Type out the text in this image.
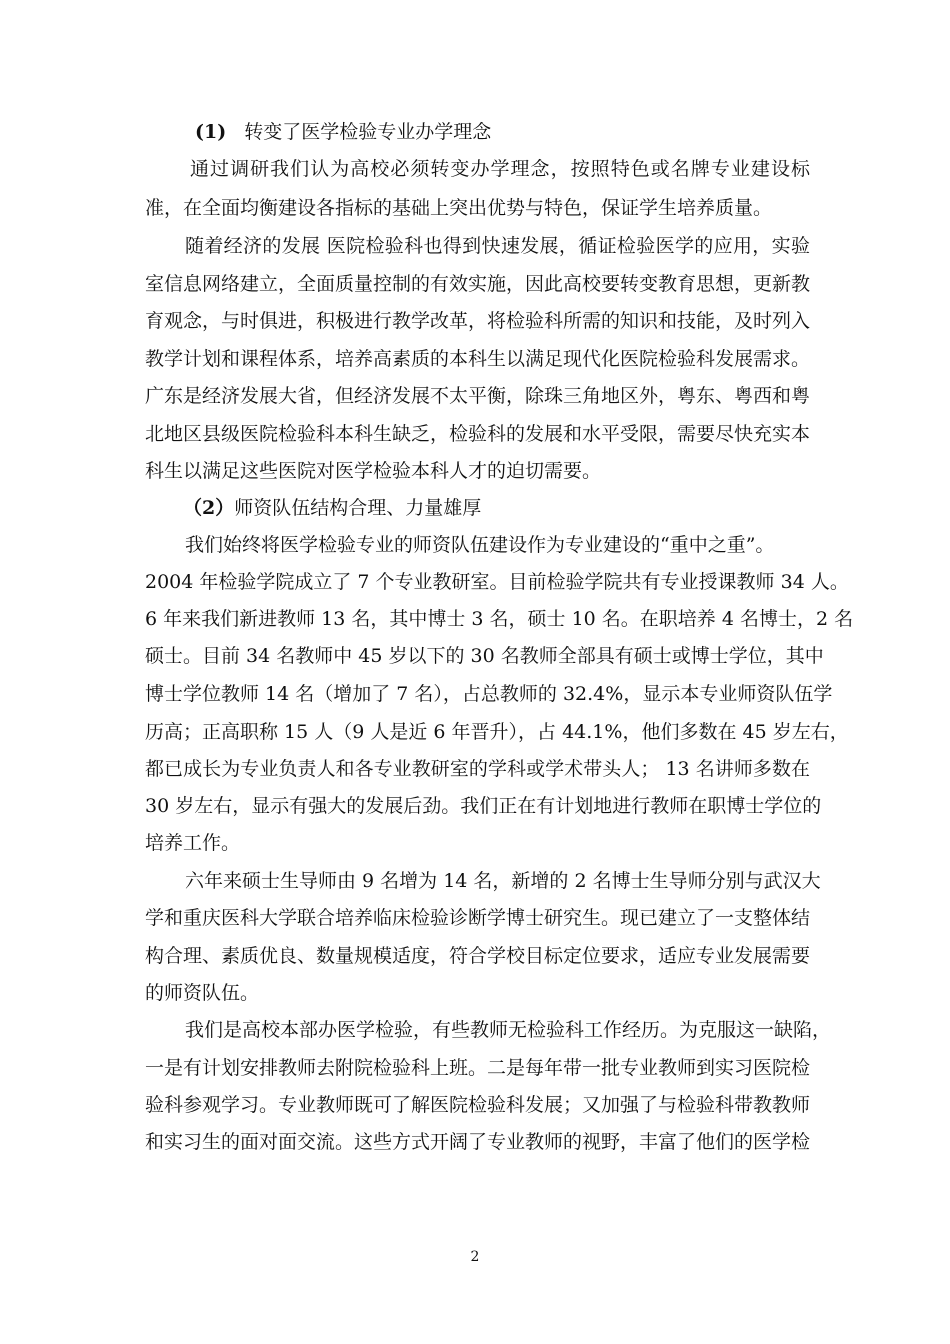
(1) 转变了医学检验专业办学理念
通过调研我们认为高校必须转变办学理念，按照特色或名牌专业建设标
准，在全面均衡建设各指标的基础上突出优势与特色，保证学生培养质量。
随着经济的发展 医院检验科也得到快速发展，循证检验医学的应用，实验
室信息网络建立，全面质量控制的有效实施，因此高校要转变教育思想，更新教
育观念，与时俱进，积极进行教学改革，将检验科所需的知识和技能，及时列入
教学计划和课程体系，培养高素质的本科生以满足现代化医院检验科发展需求。
广东是经济发展大省，但经济发展不太平衡，除珠三角地区外，粤东、粤西和粤
北地区县级医院检验科本科生缺乏，检验科的发展和水平受限，需要尽快充实本
科生以满足这些医院对医学检验本科人才的迫切需要。
（2）师资队伍结构合理、力量雄厚
我们始终将医学检验专业的师资队伍建设作为专业建设的“重中之重”。
2004 年检验学院成立了 7 个专业教研室。目前检验学院共有专业授课教师 34 人。
6 年来我们新进教师 13 名，其中博士 3 名，硕士 10 名。在职培养 4 名博士，2 名
硕士。目前 34 名教师中 45 岁以下的 30 名教师全部具有硕士或博士学位，其中
博士学位教师 14 名（增加了 7 名），占总教师的 32.4%，显示本专业师资队伍学
历高；正高职称 15 人（9 人是近 6 年晋升），占 44.1%，他们多数在 45 岁左右，
都已成长为专业负责人和各专业教研室的学科或学术带头人； 13 名讲师多数在
30 岁左右，显示有强大的发展后劲。我们正在有计划地进行教师在职博士学位的
培养工作。
六年来硕士生导师由 9 名增为 14 名，新增的 2 名博士生导师分别与武汉大
学和重庆医科大学联合培养临床检验诊断学博士研究生。现已建立了一支整体结
构合理、素质优良、数量规模适度，符合学校目标定位要求，适应专业发展需要
的师资队伍。
我们是高校本部办医学检验，有些教师无检验科工作经历。为克服这一缺陷，
一是有计划安排教师去附院检验科上班。二是每年带一批专业教师到实习医院检
验科参观学习。专业教师既可了解医院检验科发展；又加强了与检验科带教教师
和实习生的面对面交流。这些方式开阔了专业教师的视野，丰富了他们的医学检
2
